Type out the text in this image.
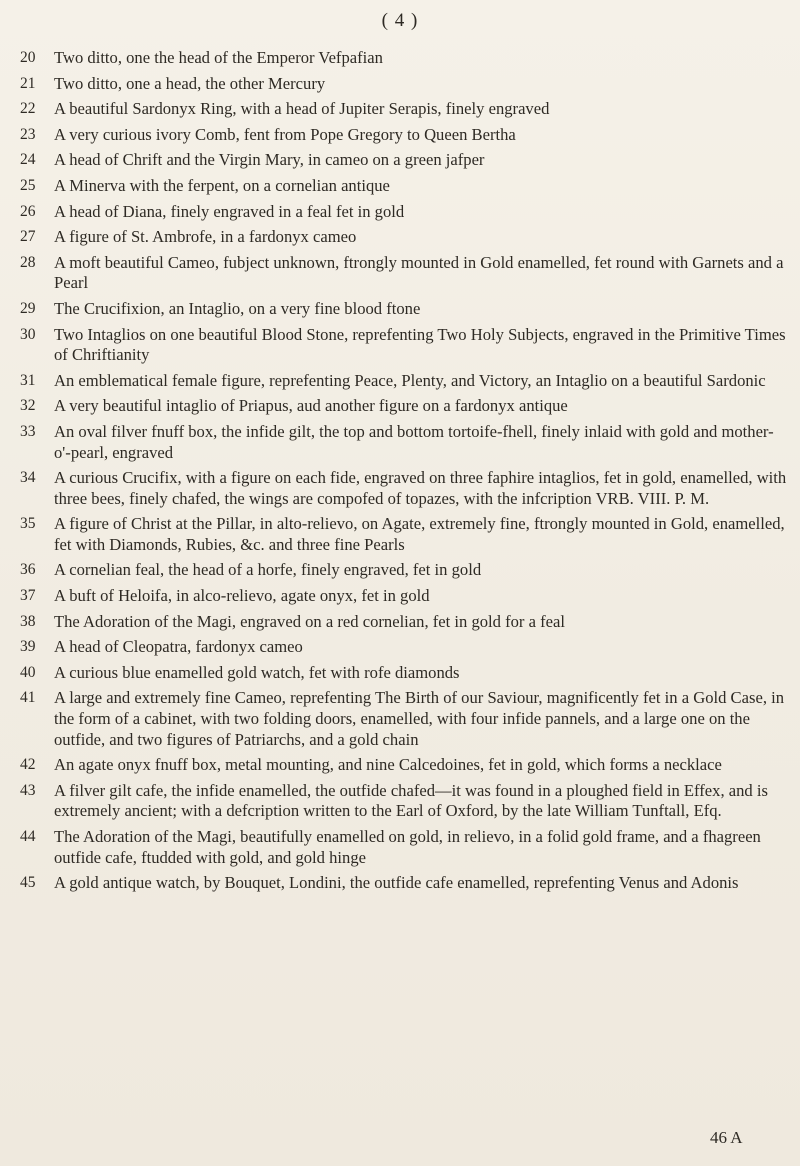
( 4 )
20	Two ditto, one the head of the Emperor Vefpafian
21	Two ditto, one a head, the other Mercury
22	A beautiful Sardonyx Ring, with a head of Jupiter Serapis, finely engraved
23	A very curious ivory Comb, fent from Pope Gregory to Queen Bertha
24	A head of Chrift and the Virgin Mary, in cameo on a green jafper
25	A Minerva with the ferpent, on a cornelian antique
26	A head of Diana, finely engraved in a feal fet in gold
27	A figure of St. Ambrofe, in a fardonyx cameo
28	A moft beautiful Cameo, fubject unknown, ftrongly mounted in Gold enamelled, fet round with Garnets and a Pearl
29	The Crucifixion, an Intaglio, on a very fine blood ftone
30	Two Intaglios on one beautiful Blood Stone, reprefenting Two Holy Subjects, engraved in the Primitive Times of Chriftianity
31	An emblematical female figure, reprefenting Peace, Plenty, and Victory, an Intaglio on a beautiful Sardonic
32	A very beautiful intaglio of Priapus, aud another figure on a fardonyx antique
33	An oval filver fnuff box, the infide gilt, the top and bottom tortoife-fhell, finely inlaid with gold and mother-o'-pearl, engraved
34	A curious Crucifix, with a figure on each fide, engraved on three faphire intaglios, fet in gold, enamelled, with three bees, finely chafed, the wings are compofed of topazes, with the infcription VRB. VIII. P. M.
35	A figure of Christ at the Pillar, in alto-relievo, on Agate, extremely fine, ftrongly mounted in Gold, enamelled, fet with Diamonds, Rubies, &c. and three fine Pearls
36	A cornelian feal, the head of a horfe, finely engraved, fet in gold
37	A buft of Heloifa, in alco-relievo, agate onyx, fet in gold
38	The Adoration of the Magi, engraved on a red cornelian, fet in gold for a feal
39	A head of Cleopatra, fardonyx cameo
40	A curious blue enamelled gold watch, fet with rofe diamonds
41	A large and extremely fine Cameo, reprefenting The Birth of our Saviour, magnificently fet in a Gold Case, in the form of a cabinet, with two folding doors, enamelled, with four infide pannels, and a large one on the outfide, and two figures of Patriarchs, and a gold chain
42	An agate onyx fnuff box, metal mounting, and nine Calcedoines, fet in gold, which forms a necklace
43	A filver gilt cafe, the infide enamelled, the outfide chafed—it was found in a ploughed field in Effex, and is extremely ancient; with a defcription written to the Earl of Oxford, by the late William Tunftall, Efq.
44	The Adoration of the Magi, beautifully enamelled on gold, in relievo, in a folid gold frame, and a fhagreen outfide cafe, ftudded with gold, and gold hinge
45	A gold antique watch, by Bouquet, Londini, the outfide cafe enamelled, reprefenting Venus and Adonis
46 A
